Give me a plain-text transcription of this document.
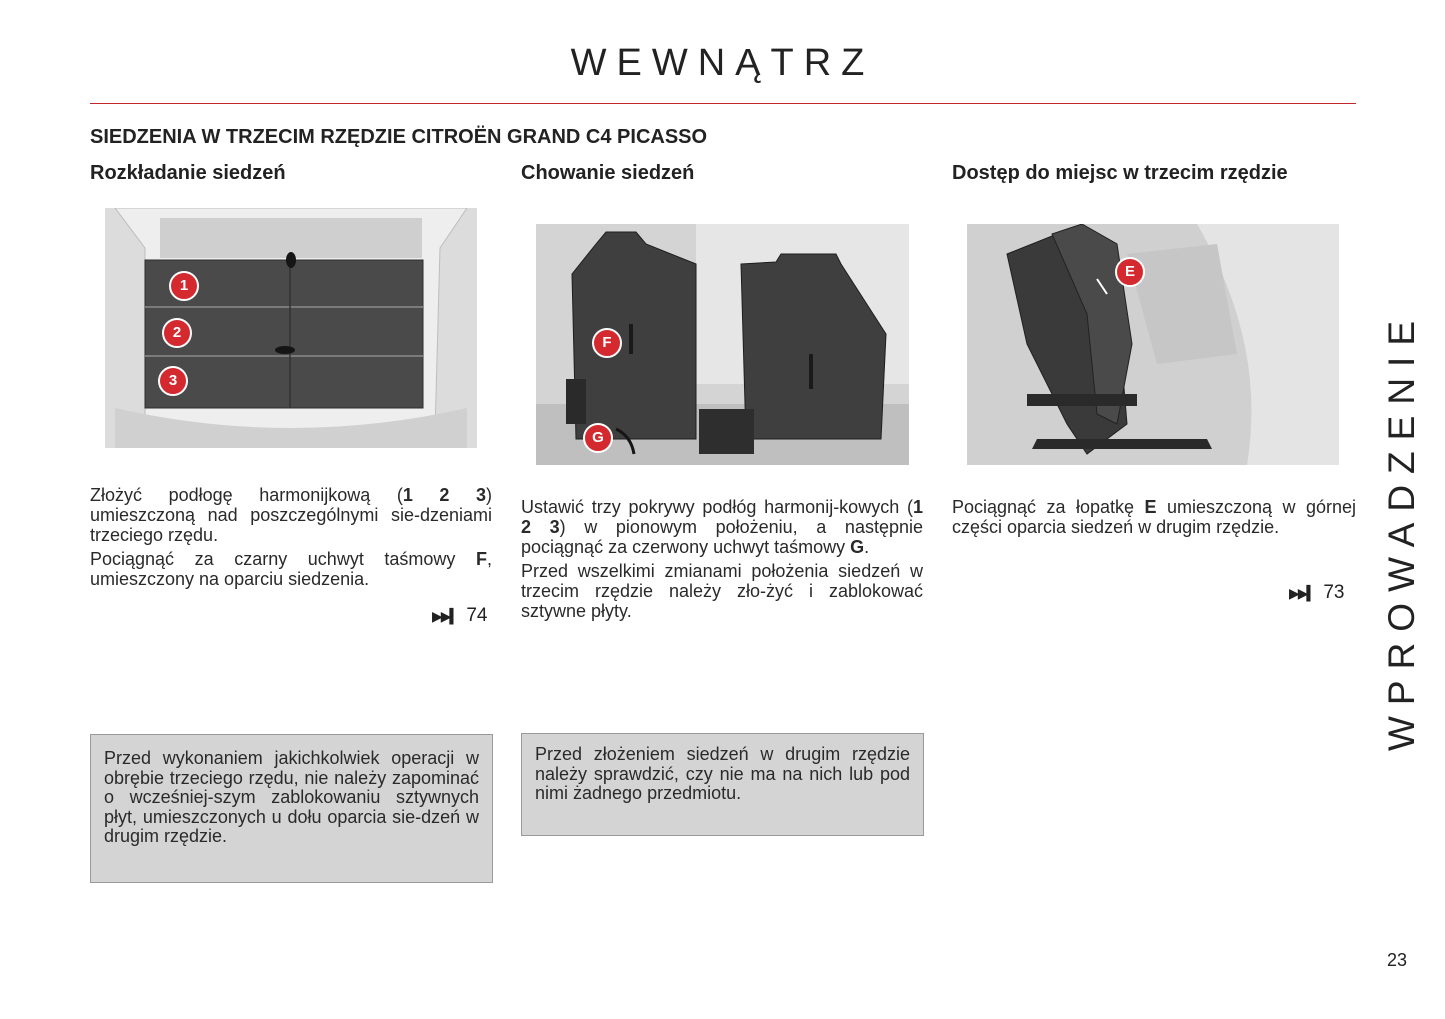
WEWNĄTRZ
SIEDZENIA W TRZECIM RZĘDZIE CITROËN GRAND C4 PICASSO
Rozkładanie siedzeń
1
2
3

Złożyć podłogę harmonijkową (1 2 3) umieszczoną nad poszczególnymi sie-dzeniami trzeciego rzędu.

Pociągnąć za czarny uchwyt taśmowy F, umieszczony na oparciu siedzenia.

▶▶▍ 74
Przed wykonaniem jakichkolwiek operacji w obrębie trzeciego rzędu, nie należy zapominać o wcześniej-szym zablokowaniu sztywnych płyt, umieszczonych u dołu oparcia sie-dzeń w drugim rzędzie.
Chowanie siedzeń
F
G

Ustawić trzy pokrywy podłóg harmonij-kowych (1 2 3) w pionowym położeniu, a następnie pociągnąć za czerwony uchwyt taśmowy G.

Przed wszelkimi zmianami położenia siedzeń w trzecim rzędzie należy zło-żyć i zablokować sztywne płyty.

Przed złożeniem siedzeń w drugim rzędzie należy sprawdzić, czy nie ma na nich lub pod nimi żadnego przedmiotu.
Dostęp do miejsc w trzecim rzędzie
E

Pociągnąć za łopatkę E umieszczoną w górnej części oparcia siedzeń w drugim rzędzie.

▶▶▍ 73 WPROWADZENIE
23
